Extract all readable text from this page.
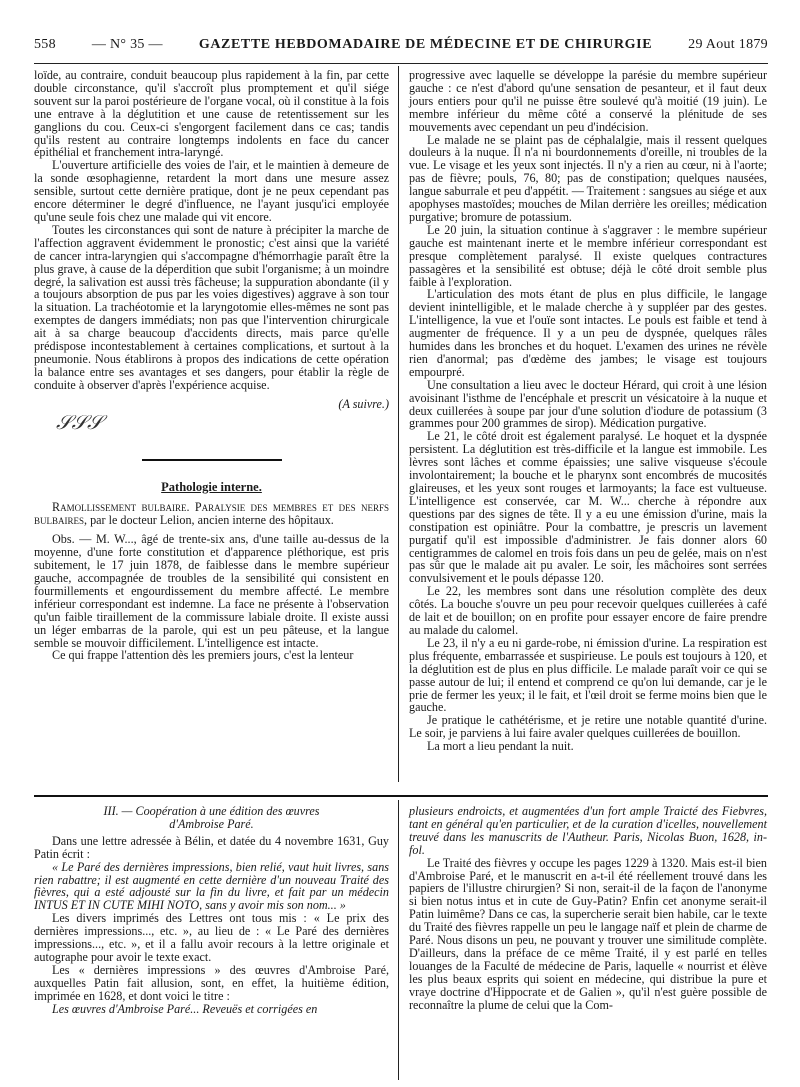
558	— N° 35 —	GAZETTE HEBDOMADAIRE DE MÉDECINE ET DE CHIRURGIE	29 Aout 1879

loïde, au contraire, conduit beaucoup plus rapidement à la fin, par cette double circonstance, qu'il s'accroît plus promptement et qu'il siége souvent sur la paroi postérieure de l'organe vocal, où il constitue à la fois une entrave à la déglutition et une cause de retentissement sur les ganglions du cou. Ceux-ci s'engorgent facilement dans ce cas; tandis qu'ils restent au contraire longtemps indolents en face du cancer épithélial et franchement intra-laryngé.

L'ouverture artificielle des voies de l'air, et le maintien à demeure de la sonde œsophagienne, retardent la mort dans une mesure assez sensible, surtout cette dernière pratique, dont je ne peux cependant pas encore déterminer le degré d'influence, ne l'ayant jusqu'ici employée qu'une seule fois chez une malade qui vit encore.

Toutes les circonstances qui sont de nature à précipiter la marche de l'affection aggravent évidemment le pronostic; c'est ainsi que la variété de cancer intra-laryngien qui s'accompagne d'hémorrhagie paraît être la plus grave, à cause de la déperdition que subit l'organisme; à un moindre degré, la salivation est aussi très fâcheuse; la suppuration abondante (il y a toujours absorption de pus par les voies digestives) aggrave à son tour la situation. La trachéotomie et la laryngotomie elles-mêmes ne sont pas exemptes de dangers immédiats; non pas que l'intervention chirurgicale ait à sa charge beaucoup d'accidents directs, mais parce qu'elle prédispose incontestablement à certaines complications, et surtout à la pneumonie. Nous établirons à propos des indications de cette opération la balance entre ses avantages et ses dangers, pour établir la règle de conduite à observer d'après l'expérience acquise.

(A suivre.)
𝒮𝒮𝒮
Pathologie interne.

Ramollissement bulbaire. Paralysie des membres et des nerfs bulbaires, par le docteur Lelion, ancien interne des hôpitaux.

Obs. — M. W..., âgé de trente-six ans, d'une taille au-dessus de la moyenne, d'une forte constitution et d'apparence pléthorique, est pris subitement, le 17 juin 1878, de faiblesse dans le membre supérieur gauche, accompagnée de troubles de la sensibilité qui consistent en fourmillements et engourdissement du membre affecté. Le membre inférieur correspondant est indemne. La face ne présente à l'observation qu'un faible tiraillement de la commissure labiale droite. Il existe aussi un léger embarras de la parole, qui est un peu pâteuse, et la langue semble se mouvoir difficilement. L'intelligence est intacte.

Ce qui frappe l'attention dès les premiers jours, c'est la lenteur

progressive avec laquelle se développe la parésie du membre supérieur gauche : ce n'est d'abord qu'une sensation de pesanteur, et il faut deux jours entiers pour qu'il ne puisse être soulevé qu'à moitié (19 juin). Le membre inférieur du même côté a conservé la plénitude de ses mouvements avec cependant un peu d'indécision.

Le malade ne se plaint pas de céphalalgie, mais il ressent quelques douleurs à la nuque. Il n'a ni bourdonnements d'oreille, ni troubles de la vue. Le visage et les yeux sont injectés. Il n'y a rien au cœur, ni à l'aorte; pas de fièvre; pouls, 76, 80; pas de constipation; quelques nausées, langue saburrale et peu d'appétit. — Traitement : sangsues au siége et aux apophyses mastoïdes; mouches de Milan derrière les oreilles; médication purgative; bromure de potassium.

Le 20 juin, la situation continue à s'aggraver : le membre supérieur gauche est maintenant inerte et le membre inférieur correspondant est presque complètement paralysé. Il existe quelques contractures passagères et la sensibilité est obtuse; déjà le côté droit semble plus faible à l'exploration.

L'articulation des mots étant de plus en plus difficile, le langage devient inintelligible, et le malade cherche à y suppléer par des gestes. L'intelligence, la vue et l'ouïe sont intactes. Le pouls est faible et tend à augmenter de fréquence. Il y a un peu de dyspnée, quelques râles humides dans les bronches et du hoquet. L'examen des urines ne révèle rien d'anormal; pas d'œdème des jambes; le visage est toujours empourpré.

Une consultation a lieu avec le docteur Hérard, qui croit à une lésion avoisinant l'isthme de l'encéphale et prescrit un vésicatoire à la nuque et deux cuillerées à soupe par jour d'une solution d'iodure de potassium (3 grammes pour 200 grammes de sirop). Médication purgative.

Le 21, le côté droit est également paralysé. Le hoquet et la dyspnée persistent. La déglutition est très-difficile et la langue est immobile. Les lèvres sont lâches et comme épaissies; une salive visqueuse s'écoule involontairement; la bouche et le pharynx sont encombrés de mucosités glaireuses, et les yeux sont rouges et larmoyants; la face est vultueuse. L'intelligence est conservée, car M. W... cherche à répondre aux questions par des signes de tête. Il y a eu une émission d'urine, mais la constipation est opiniâtre. Pour la combattre, je prescris un lavement purgatif qu'il est impossible d'administrer. Je fais donner alors 60 centigrammes de calomel en trois fois dans un peu de gelée, mais on n'est pas sûr que le malade ait pu avaler. Le soir, les mâchoires sont serrées convulsivement et le pouls dépasse 120.

Le 22, les membres sont dans une résolution complète des deux côtés. La bouche s'ouvre un peu pour recevoir quelques cuillerées à café de lait et de bouillon; on en profite pour essayer encore de faire prendre au malade du calomel.

Le 23, il n'y a eu ni garde-robe, ni émission d'urine. La respiration est plus fréquente, embarrassée et suspirieuse. Le pouls est toujours à 120, et la déglutition est de plus en plus difficile. Le malade paraît voir ce qui se passe autour de lui; il entend et comprend ce qu'on lui demande, car je le prie de fermer les yeux; il le fait, et l'œil droit se ferme moins bien que le gauche.

Je pratique le cathétérisme, et je retire une notable quantité d'urine. Le soir, je parviens à lui faire avaler quelques cuillerées de bouillon.

La mort a lieu pendant la nuit.

III. — Coopération à une édition des œuvres
d'Ambroise Paré.

Dans une lettre adressée à Bélin, et datée du 4 novembre 1631, Guy Patin écrit :

« Le Paré des dernières impressions, bien relié, vaut huit livres, sans rien rabattre; il est augmenté en cette dernière d'un nouveau Traité des fièvres, qui a esté adjousté sur la fin du livre, et fait par un médecin INTUS ET IN CUTE MIHI NOTO, sans y avoir mis son nom... »

Les divers imprimés des Lettres ont tous mis : « Le prix des dernières impressions..., etc. », au lieu de : « Le Paré des dernières impressions..., etc. », et il a fallu avoir recours à la lettre originale et autographe pour avoir le texte exact.

Les « dernières impressions » des œuvres d'Ambroise Paré, auxquelles Patin fait allusion, sont, en effet, la huitième édition, imprimée en 1628, et dont voici le titre :

Les œuvres d'Ambroise Paré... Reveuës et corrigées en

plusieurs endroicts, et augmentées d'un fort ample Traicté des Fiebvres, tant en général qu'en particulier, et de la curation d'icelles, nouvellement treuvé dans les manuscrits de l'Autheur. Paris, Nicolas Buon, 1628, in-fol.

Le Traité des fièvres y occupe les pages 1229 à 1320. Mais est-il bien d'Ambroise Paré, et le manuscrit en a-t-il été réellement trouvé dans les papiers de l'illustre chirurgien? Si non, serait-il de la façon de l'anonyme si bien notus intus et in cute de Guy-Patin? Enfin cet anonyme serait-il Patin luimême? Dans ce cas, la supercherie serait bien habile, car le texte du Traité des fièvres rappelle un peu le langage naïf et plein de charme de Paré. Nous disons un peu, ne pouvant y trouver une similitude complète. D'ailleurs, dans la préface de ce même Traité, il y est parlé en telles louanges de la Faculté de médecine de Paris, laquelle « nourrist et élève les plus beaux esprits qui soient en médecine, qui distribue la pure et vraye doctrine d'Hippocrate et de Galien », qu'il n'est guère possible de reconnaître la plume de celui que la Com-
